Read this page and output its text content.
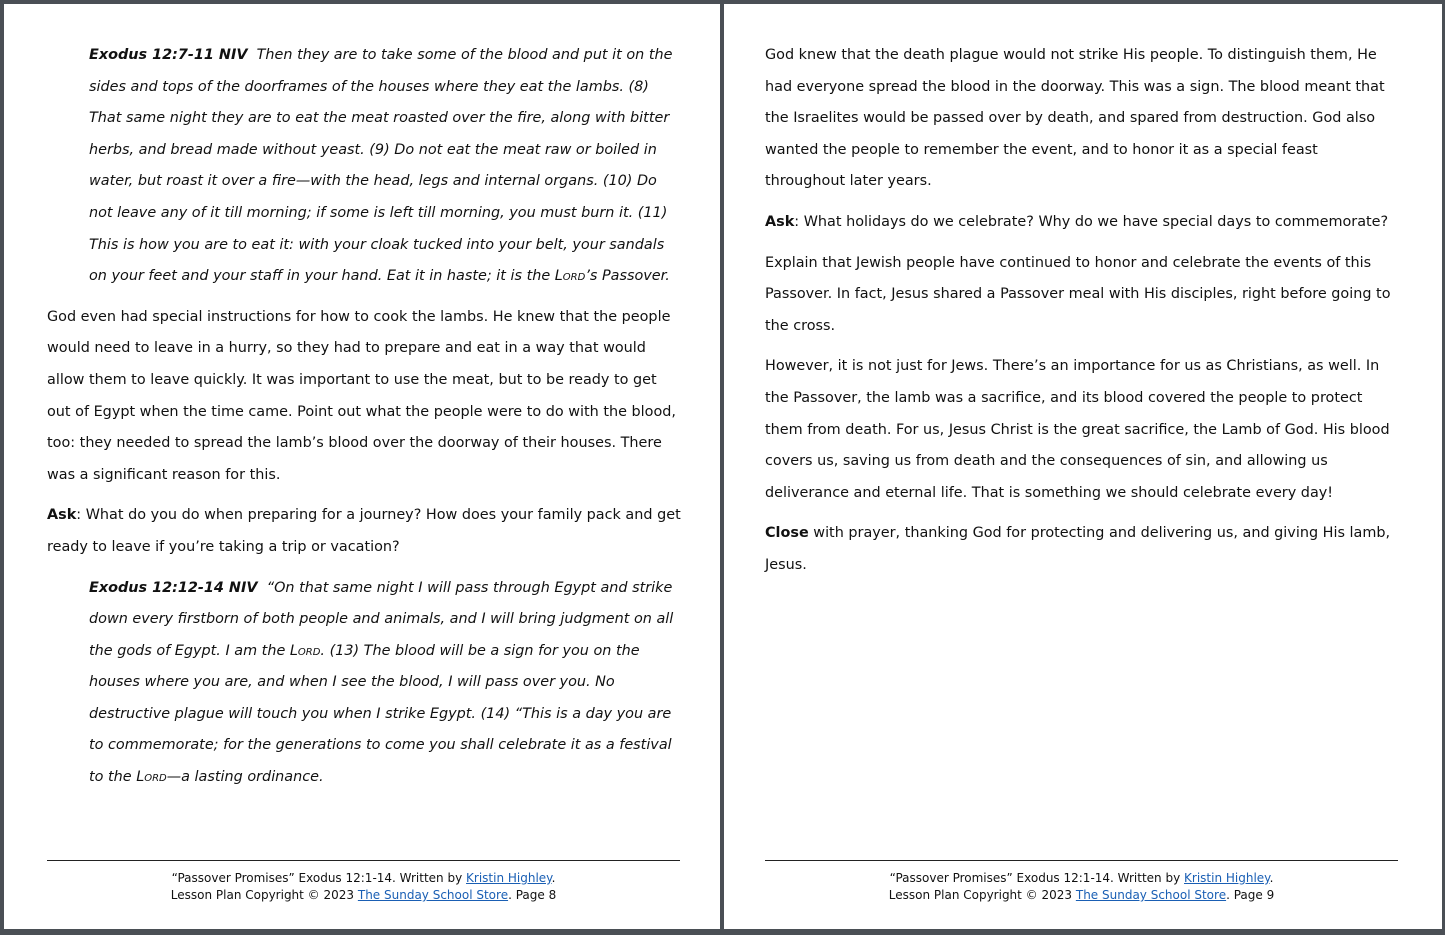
Exodus 12:7-11 NIV Then they are to take some of the blood and put it on the sides and tops of the doorframes of the houses where they eat the lambs. (8) That same night they are to eat the meat roasted over the fire, along with bitter herbs, and bread made without yeast. (9) Do not eat the meat raw or boiled in water, but roast it over a fire—with the head, legs and internal organs. (10) Do not leave any of it till morning; if some is left till morning, you must burn it. (11) This is how you are to eat it: with your cloak tucked into your belt, your sandals on your feet and your staff in your hand. Eat it in haste; it is the Lord’s Passover.

God even had special instructions for how to cook the lambs. He knew that the people would need to leave in a hurry, so they had to prepare and eat in a way that would allow them to leave quickly. It was important to use the meat, but to be ready to get out of Egypt when the time came. Point out what the people were to do with the blood, too: they needed to spread the lamb’s blood over the doorway of their houses. There was a significant reason for this.

Ask: What do you do when preparing for a journey? How does your family pack and get ready to leave if you’re taking a trip or vacation?

Exodus 12:12-14 NIV “On that same night I will pass through Egypt and strike down every firstborn of both people and animals, and I will bring judgment on all the gods of Egypt. I am the Lord. (13) The blood will be a sign for you on the houses where you are, and when I see the blood, I will pass over you. No destructive plague will touch you when I strike Egypt. (14) “This is a day you are to commemorate; for the generations to come you shall celebrate it as a festival to the Lord—a lasting ordinance.

“Passover Promises” Exodus 12:1-14. Written by Kristin Highley.
Lesson Plan Copyright © 2023 The Sunday School Store. Page 8

God knew that the death plague would not strike His people. To distinguish them, He had everyone spread the blood in the doorway. This was a sign. The blood meant that the Israelites would be passed over by death, and spared from destruction. God also wanted the people to remember the event, and to honor it as a special feast throughout later years.

Ask: What holidays do we celebrate? Why do we have special days to commemorate?

Explain that Jewish people have continued to honor and celebrate the events of this Passover. In fact, Jesus shared a Passover meal with His disciples, right before going to the cross.

However, it is not just for Jews. There’s an importance for us as Christians, as well. In the Passover, the lamb was a sacrifice, and its blood covered the people to protect them from death. For us, Jesus Christ is the great sacrifice, the Lamb of God. His blood covers us, saving us from death and the consequences of sin, and allowing us deliverance and eternal life. That is something we should celebrate every day!

Close with prayer, thanking God for protecting and delivering us, and giving His lamb, Jesus.

“Passover Promises” Exodus 12:1-14. Written by Kristin Highley.
Lesson Plan Copyright © 2023 The Sunday School Store. Page 9
